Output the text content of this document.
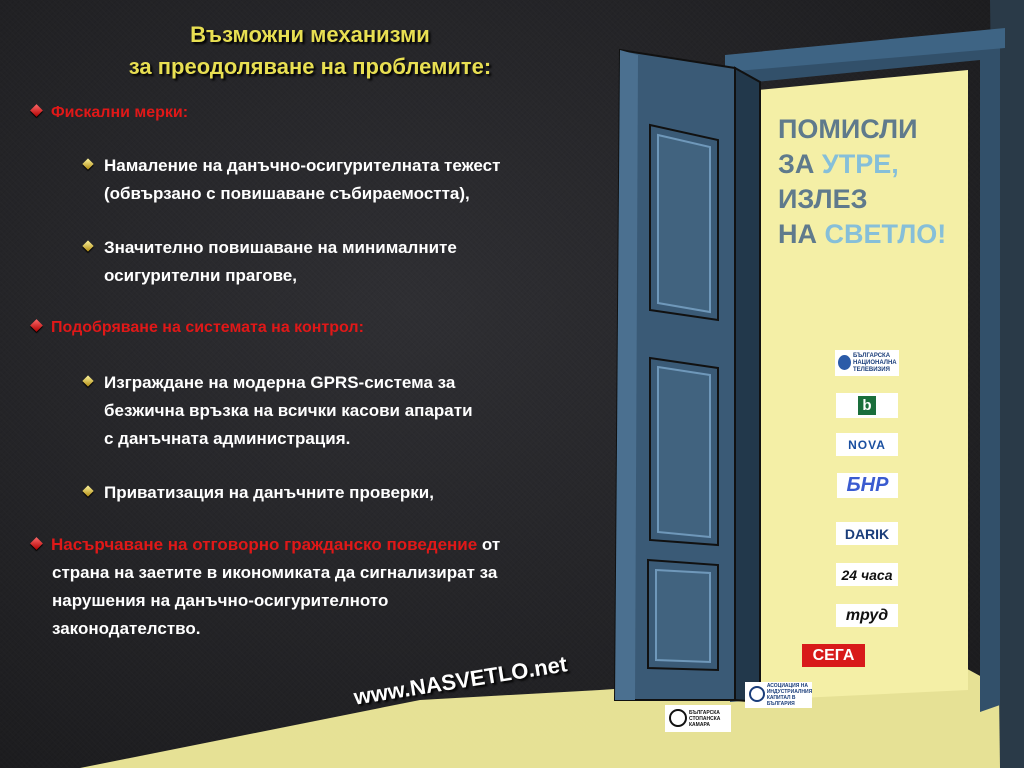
Възможни механизми
за преодоляване на проблемите:
Фискални мерки:
Намаление на данъчно-осигурителната тежест
(обвързано с повишаване събираемостта),
Значително повишаване на минималните
осигурителни прагове,
Подобряване на системата на контрол:
Изграждане на модерна GPRS-система за
безжична връзка на всички касови апарати
с данъчната администрация.
Приватизация на данъчните проверки,
Насърчаване на отговорно гражданско поведение от
страна на заетите в икономиката да сигнализират за
нарушения на данъчно-осигурителното
законодателство.
ПОМИСЛИ
ЗА УТРЕ,
ИЗЛЕЗ
НА СВЕТЛО!
БЪЛГАРСКА НАЦИОНАЛНА ТЕЛЕВИЗИЯ
b
NOVA
БНР
DARIK
24 часа
труд
СЕГА
АСОЦИАЦИЯ НА ИНДУСТРИАЛНИЯ КАПИТАЛ В БЪЛГАРИЯ
БЪЛГАРСКА СТОПАНСКА КАМАРА
www.NASVETLO.net
